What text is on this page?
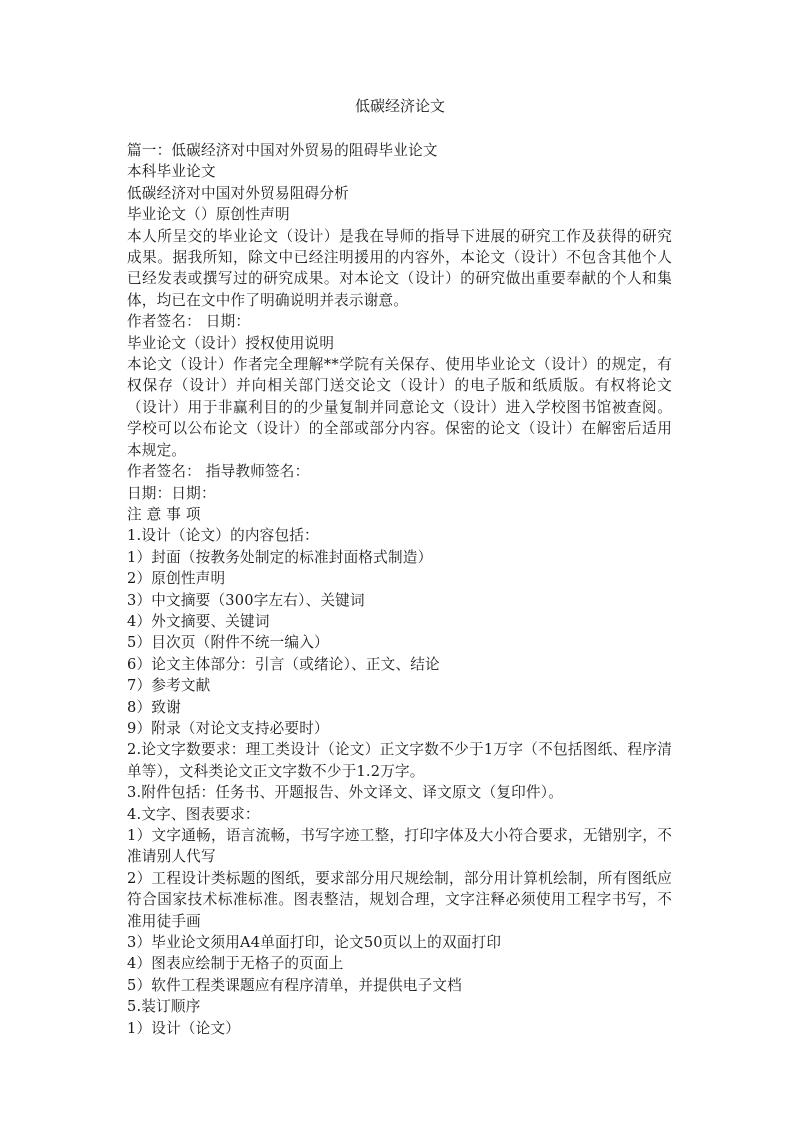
低碳经济论文

篇一：低碳经济对中国对外贸易的阻碍毕业论文

本科毕业论文

低碳经济对中国对外贸易阻碍分析

毕业论文（）原创性声明

本人所呈交的毕业论文（设计）是我在导师的指导下进展的研究工作及获得的研究成果。据我所知，除文中已经注明援用的内容外，本论文（设计）不包含其他个人已经发表或撰写过的研究成果。对本论文（设计）的研究做出重要奉献的个人和集体，均已在文中作了明确说明并表示谢意。

作者签名： 日期：

毕业论文（设计）授权使用说明

本论文（设计）作者完全理解**学院有关保存、使用毕业论文（设计）的规定，有权保存（设计）并向相关部门送交论文（设计）的电子版和纸质版。有权将论文（设计）用于非赢利目的的少量复制并同意论文（设计）进入学校图书馆被查阅。学校可以公布论文（设计）的全部或部分内容。保密的论文（设计）在解密后适用本规定。

作者签名： 指导教师签名：

日期：日期：

注 意 事 项

1.设计（论文）的内容包括：

1）封面（按教务处制定的标准封面格式制造）

2）原创性声明

3）中文摘要（300字左右）、关键词

4）外文摘要、关键词

5）目次页（附件不统一编入）

6）论文主体部分：引言（或绪论）、正文、结论

7）参考文献

8）致谢

9）附录（对论文支持必要时）

2.论文字数要求：理工类设计（论文）正文字数不少于1万字（不包括图纸、程序清单等），文科类论文正文字数不少于1.2万字。

3.附件包括：任务书、开题报告、外文译文、译文原文（复印件）。

4.文字、图表要求：

1）文字通畅，语言流畅，书写字迹工整，打印字体及大小符合要求，无错别字，不准请别人代写

2）工程设计类标题的图纸，要求部分用尺规绘制，部分用计算机绘制，所有图纸应符合国家技术标准标准。图表整洁，规划合理，文字注释必须使用工程字书写，不准用徒手画

3）毕业论文须用A4单面打印，论文50页以上的双面打印

4）图表应绘制于无格子的页面上

5）软件工程类课题应有程序清单，并提供电子文档

5.装订顺序

1）设计（论文）
